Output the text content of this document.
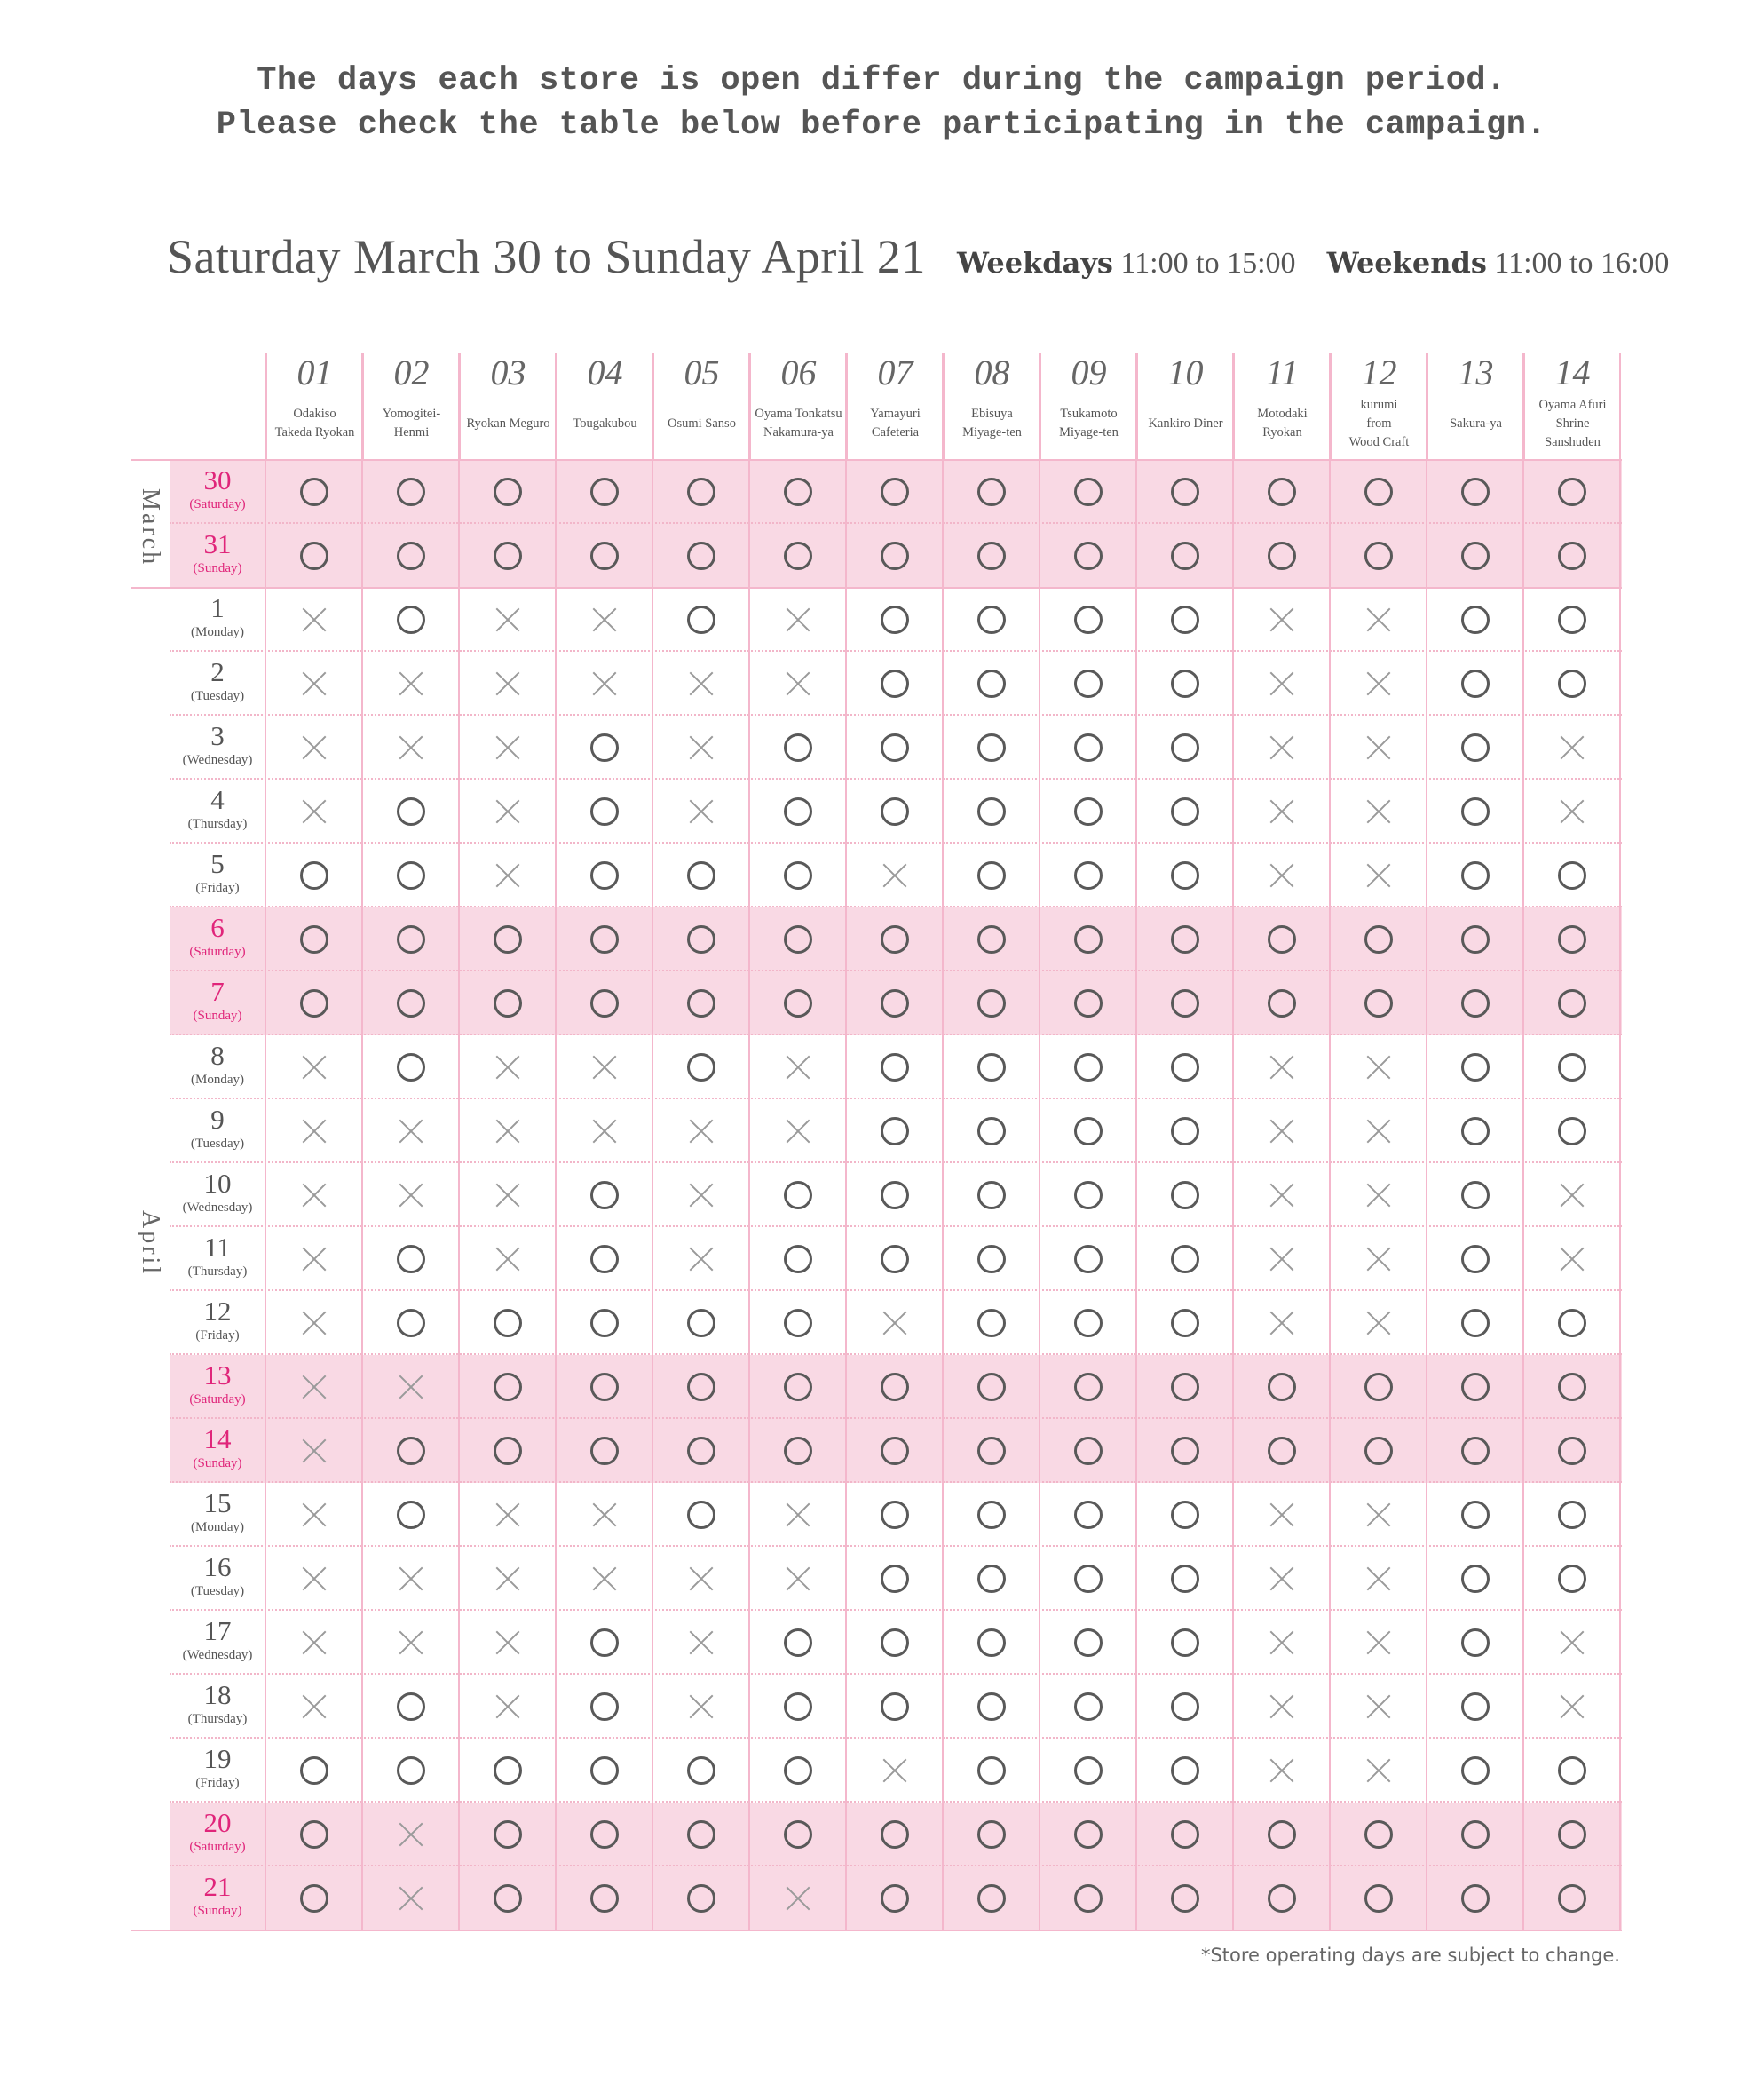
The days each store is open differ during the campaign period.
Please check the table below before participating in the campaign.
Saturday March 30 to Sunday April 21 Weekdays 11:00 to 15:00 Weekends 11:00 to 16:00
01
Odakiso
Takeda Ryokan
02
Yomogitei-Henmi
03
Ryokan Meguro
04
Tougakubou
05
Osumi Sanso
06
Oyama Tonkatsu
Nakamura-ya
07
Yamayuri
Cafeteria
08
Ebisuya
Miyage-ten
09
Tsukamoto
Miyage-ten
10
Kankiro Diner
11
Motodaki
Ryokan
12
kurumi
from
Wood Craft
13
Sakura-ya
14
Oyama Afuri
Shrine
Sanshuden
30
(Saturday)
31
(Sunday)
1
(Monday)
2
(Tuesday)
3
(Wednesday)
4
(Thursday)
5
(Friday)
6
(Saturday)
7
(Sunday)
8
(Monday)
9
(Tuesday)
10
(Wednesday)
11
(Thursday)
12
(Friday)
13
(Saturday)
14
(Sunday)
15
(Monday)
16
(Tuesday)
17
(Wednesday)
18
(Thursday)
19
(Friday)
20
(Saturday)
21
(Sunday)
March
April
*Store operating days are subject to change.
